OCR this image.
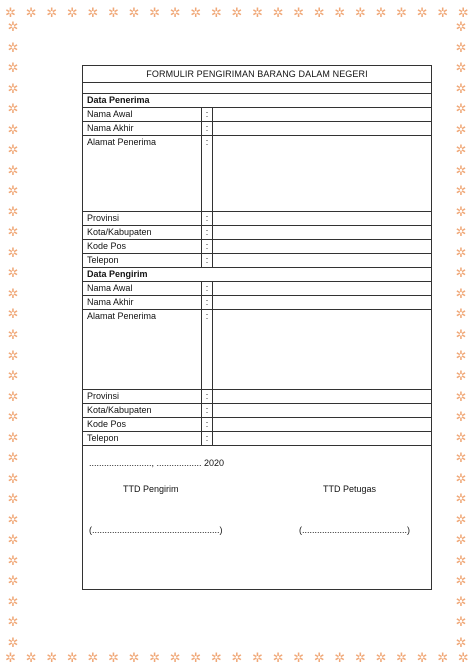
✲ ✲ ✲ ✲ ✲ ✲ ✲ ✲ ✲ ✲ ✲ ✲ ✲ ✲ ✲ ✲ ✲ ✲ ✲ ✲ ✲ ✲ ✲
✲ ✲ ✲ ✲ ✲ ✲ ✲ ✲ ✲ ✲ ✲ ✲ ✲ ✲ ✲ ✲ ✲ ✲ ✲ ✲ ✲ ✲ ✲
✲
✲
✲
✲
✲
✲
✲
✲
✲
✲
✲
✲
✲
✲
✲
✲
✲
✲
✲
✲
✲
✲
✲
✲
✲
✲
✲
✲
✲
✲
✲
✲
✲
✲
✲
✲
✲
✲
✲
✲
✲
✲
✲
✲
✲
✲
✲
✲
✲
✲
✲
✲
✲
✲
✲
✲
✲
✲
✲
✲
✲
✲
FORMULIR PENGIRIMAN BARANG DALAM NEGERI
Data Penerima
Nama Awal	:
Nama Akhir	:
Alamat Penerima	:
Provinsi	:
Kota/Kabupaten	:
Kode Pos	:
Telepon	:
Data Pengirim
Nama Awal	:
Nama Akhir	:
Alamat Penerima	:
Provinsi	:
Kota/Kabupaten	:
Kode Pos	:
Telepon	:
........................., .................. 2020
TTD Pengirim	TTD Petugas
(...................................................)	(..........................................)
